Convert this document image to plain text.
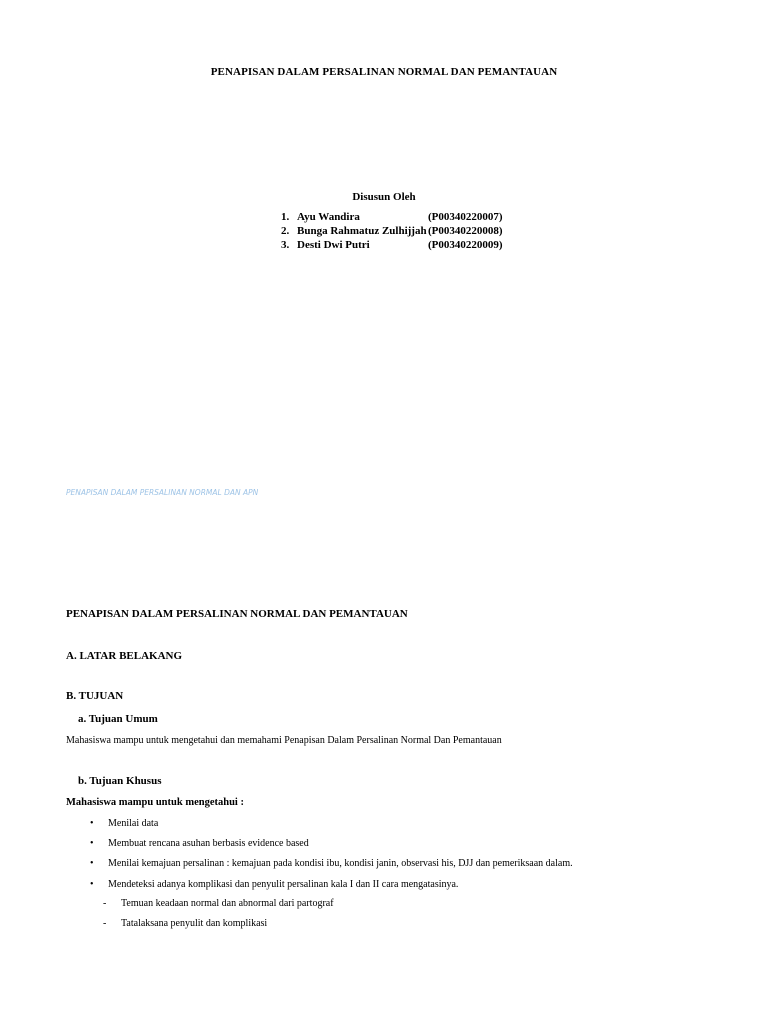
PENAPISAN DALAM PERSALINAN NORMAL DAN PEMANTAUAN
Disusun Oleh
1. Ayu Wandira	(P00340220007)
2. Bunga Rahmatuz Zulhijjah (P00340220008)
3. Desti Dwi Putri	(P00340220009)
PENAPISAN DALAM PERSALINAN NORMAL DAN APN
PENAPISAN DALAM PERSALINAN NORMAL DAN PEMANTAUAN
A. LATAR BELAKANG
B. TUJUAN
a. Tujuan Umum
Mahasiswa mampu untuk mengetahui dan memahami Penapisan Dalam Persalinan Normal Dan Pemantauan
b. Tujuan Khusus
Mahasiswa mampu untuk mengetahui :
•	Menilai data
•	Membuat rencana asuhan berbasis evidence based
•	Menilai kemajuan persalinan : kemajuan pada kondisi ibu, kondisi janin, observasi his, DJJ dan pemeriksaan dalam.
•	Mendeteksi adanya komplikasi dan penyulit persalinan kala I dan II cara mengatasinya.
- Temuan keadaan normal dan abnormal dari partograf
- Tatalaksana penyulit dan komplikasi
